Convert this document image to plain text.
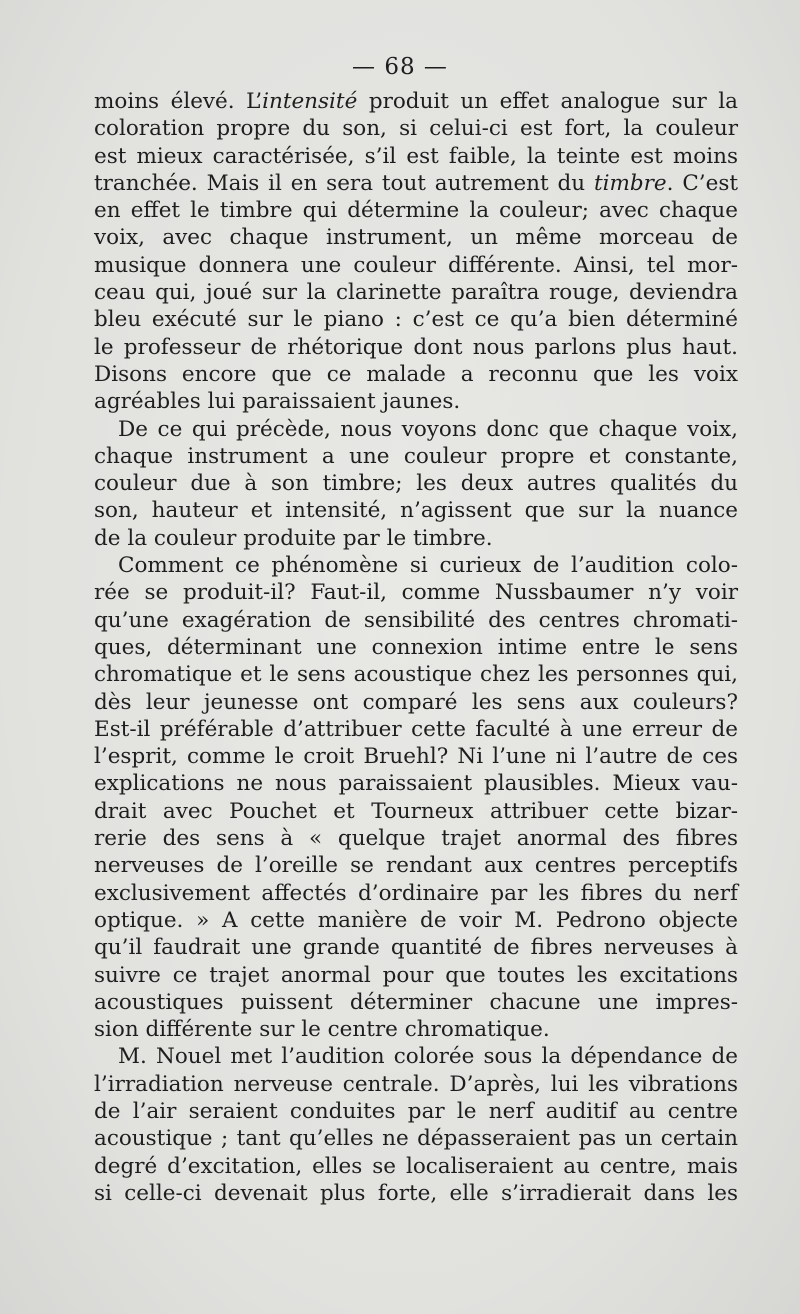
— 68 —
moins élevé. L’intensité produit un effet analogue sur la
coloration propre du son, si celui-ci est fort, la couleur
est mieux caractérisée, s’il est faible, la teinte est moins
tranchée. Mais il en sera tout autrement du timbre. C’est
en effet le timbre qui détermine la couleur; avec chaque
voix, avec chaque instrument, un même morceau de
musique donnera une couleur différente. Ainsi, tel mor-
ceau qui, joué sur la clarinette paraîtra rouge, deviendra
bleu exécuté sur le piano : c’est ce qu’a bien déterminé
le professeur de rhétorique dont nous parlons plus haut.
Disons encore que ce malade a reconnu que les voix
agréables lui paraissaient jaunes.
De ce qui précède, nous voyons donc que chaque voix,
chaque instrument a une couleur propre et constante,
couleur due à son timbre; les deux autres qualités du
son, hauteur et intensité, n’agissent que sur la nuance
de la couleur produite par le timbre.
Comment ce phénomène si curieux de l’audition colo-
rée se produit-il? Faut-il, comme Nussbaumer n’y voir
qu’une exagération de sensibilité des centres chromati-
ques, déterminant une connexion intime entre le sens
chromatique et le sens acoustique chez les personnes qui,
dès leur jeunesse ont comparé les sens aux couleurs?
Est-il préférable d’attribuer cette faculté à une erreur de
l’esprit, comme le croit Bruehl? Ni l’une ni l’autre de ces
explications ne nous paraissaient plausibles. Mieux vau-
drait avec Pouchet et Tourneux attribuer cette bizar-
rerie des sens à « quelque trajet anormal des fibres
nerveuses de l’oreille se rendant aux centres perceptifs
exclusivement affectés d’ordinaire par les fibres du nerf
optique. » A cette manière de voir M. Pedrono objecte
qu’il faudrait une grande quantité de fibres nerveuses à
suivre ce trajet anormal pour que toutes les excitations
acoustiques puissent déterminer chacune une impres-
sion différente sur le centre chromatique.
M. Nouel met l’audition colorée sous la dépendance de
l’irradiation nerveuse centrale. D’après, lui les vibrations
de l’air seraient conduites par le nerf auditif au centre
acoustique ; tant qu’elles ne dépasseraient pas un certain
degré d’excitation, elles se localiseraient au centre, mais
si celle-ci devenait plus forte, elle s’irradierait dans les
